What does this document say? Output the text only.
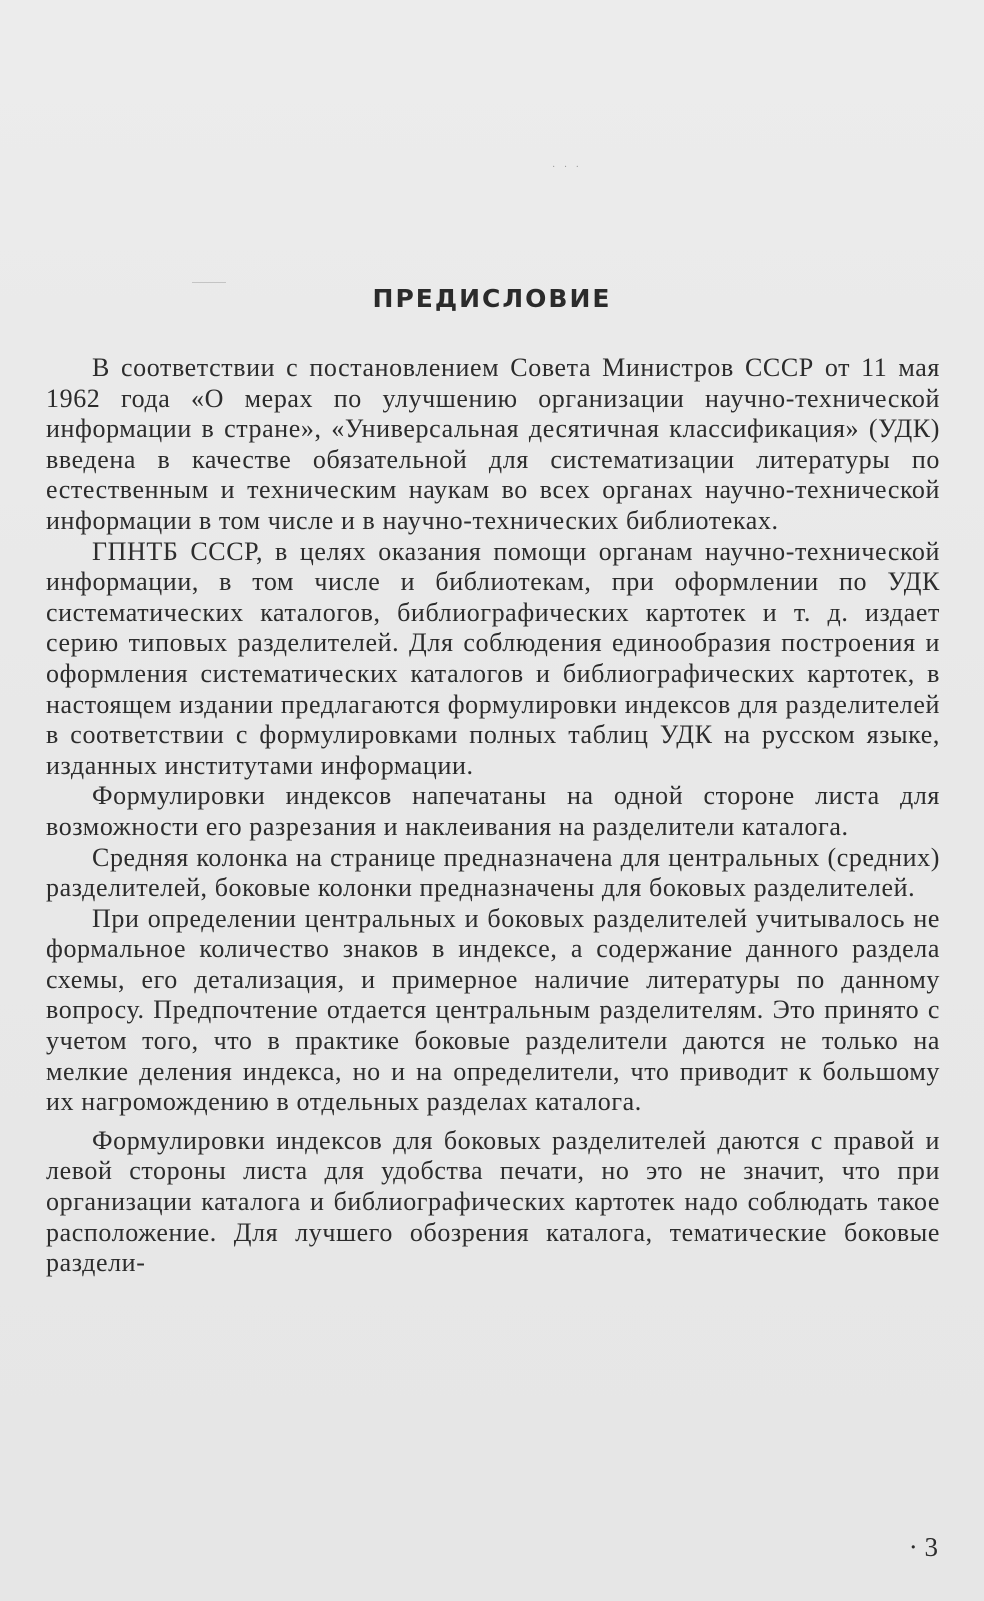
· · ·
ПРЕДИСЛОВИЕ

В соответствии с постановлением Совета Министров СССР от 11 мая 1962 года «О мерах по улучшению организации научно-технической информации в стране», «Универсальная десятичная классификация» (УДК) введена в качестве обязательной для систематизации литературы по естественным и техническим наукам во всех органах научно-технической информации в том числе и в научно-технических библиотеках.

ГПНТБ СССР, в целях оказания помощи органам научно-технической информации, в том числе и библиотекам, при оформлении по УДК систематических каталогов, библиографических картотек и т. д. издает серию типовых разделителей. Для соблюдения единообразия построения и оформления систематических каталогов и библиографических картотек, в настоящем издании предлагаются формулировки индексов для разделителей в соответствии с формулировками полных таблиц УДК на русском языке, изданных институтами информации.

Формулировки индексов напечатаны на одной стороне листа для возможности его разрезания и наклеивания на разделители каталога.

Средняя колонка на странице предназначена для центральных (средних) разделителей, боковые колонки предназначены для боковых разделителей.

При определении центральных и боковых разделителей учитывалось не формальное количество знаков в индексе, а содержание данного раздела схемы, его детализация, и примерное наличие литературы по данному вопросу. Предпочтение отдается центральным разделителям. Это принято с учетом того, что в практике боковые разделители даются не только на мелкие деления индекса, но и на определители, что приводит к большому их нагромождению в отдельных разделах каталога.

Формулировки индексов для боковых разделителей даются с правой и левой стороны листа для удобства печати, но это не значит, что при организации каталога и библиографических картотек надо соблюдать такое расположение. Для лучшего обозрения каталога, тематические боковые раздели-

· 3
